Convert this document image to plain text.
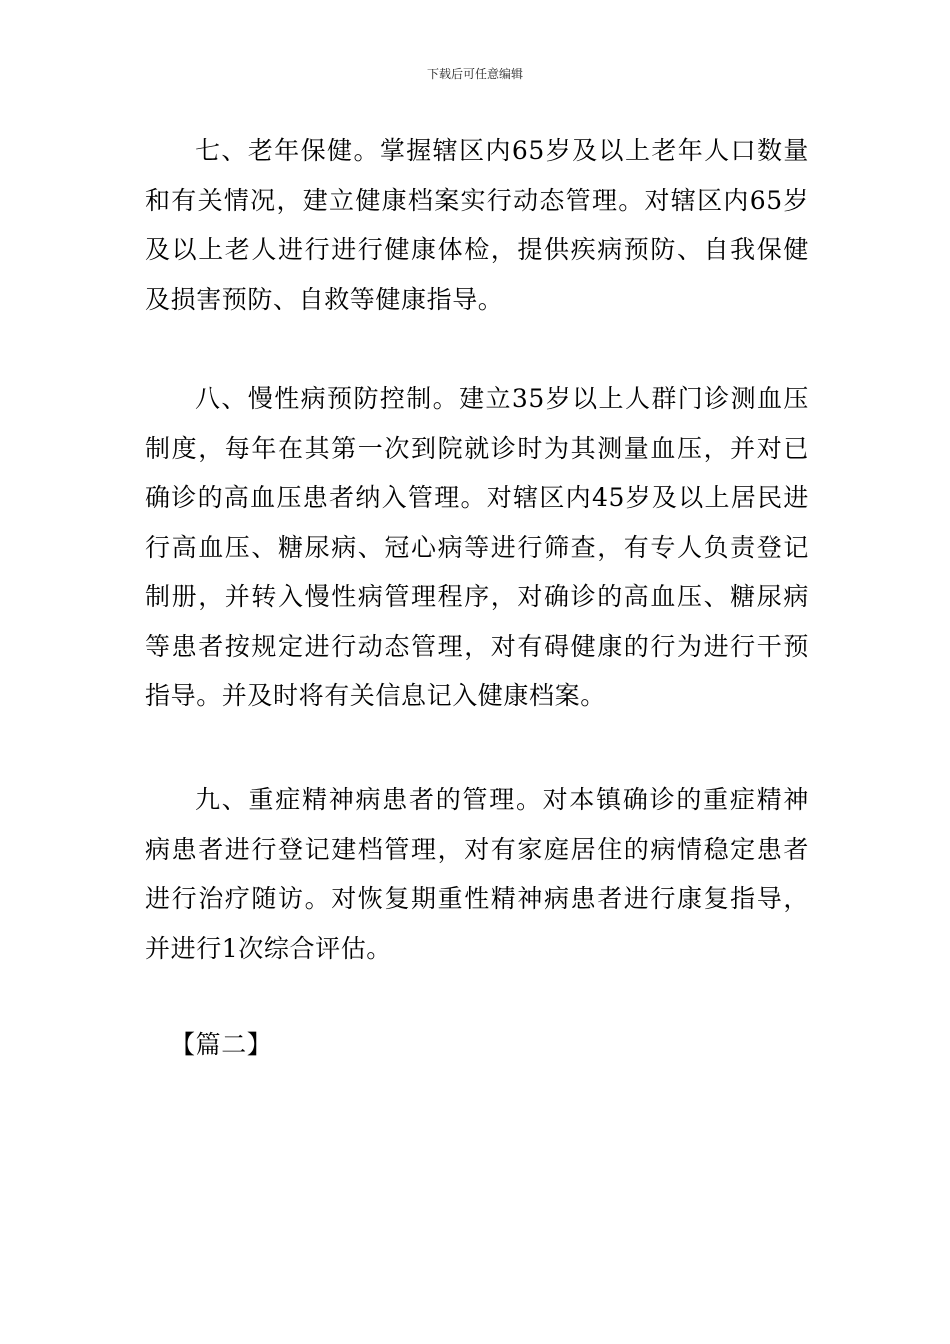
下载后可任意编辑

七、老年保健。掌握辖区内65岁及以上老年人口数量和有关情况，建立健康档案实行动态管理。对辖区内65岁及以上老人进行进行健康体检，提供疾病预防、自我保健及损害预防、自救等健康指导。

八、慢性病预防控制。建立35岁以上人群门诊测血压制度，每年在其第一次到院就诊时为其测量血压，并对已确诊的高血压患者纳入管理。对辖区内45岁及以上居民进行高血压、糖尿病、冠心病等进行筛查，有专人负责登记制册，并转入慢性病管理程序，对确诊的高血压、糖尿病等患者按规定进行动态管理，对有碍健康的行为进行干预指导。并及时将有关信息记入健康档案。

九、重症精神病患者的管理。对本镇确诊的重症精神病患者进行登记建档管理，对有家庭居住的病情稳定患者进行治疗随访。对恢复期重性精神病患者进行康复指导，并进行1次综合评估。

【篇二】
